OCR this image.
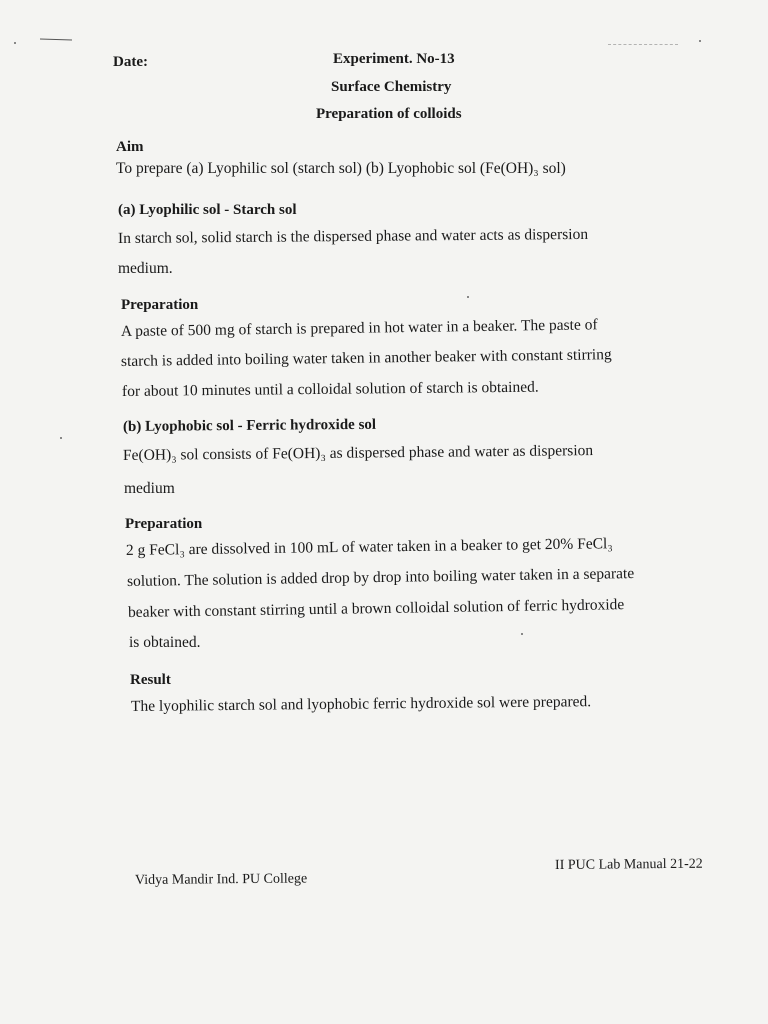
Date:	Experiment. No-13
Surface Chemistry
Preparation of colloids
Aim
To prepare (a) Lyophilic sol (starch sol) (b) Lyophobic sol (Fe(OH)₃ sol)
(a) Lyophilic sol - Starch sol
In starch sol, solid starch is the dispersed phase and water acts as dispersion
medium.
Preparation
A paste of 500 mg of starch is prepared in hot water in a beaker. The paste of
starch is added into boiling water taken in another beaker with constant stirring
for about 10 minutes until a colloidal solution of starch is obtained.
(b) Lyophobic sol - Ferric hydroxide sol
Fe(OH)₃ sol consists of Fe(OH)₃ as dispersed phase and water as dispersion
medium
Preparation
2 g FeCl₃ are dissolved in 100 mL of water taken in a beaker to get 20% FeCl₃
solution. The solution is added drop by drop into boiling water taken in a separate
beaker with constant stirring until a brown colloidal solution of ferric hydroxide
is obtained.
Result
The lyophilic starch sol and lyophobic ferric hydroxide sol were prepared.
Vidya Mandir Ind. PU College
II PUC Lab Manual 21-22
